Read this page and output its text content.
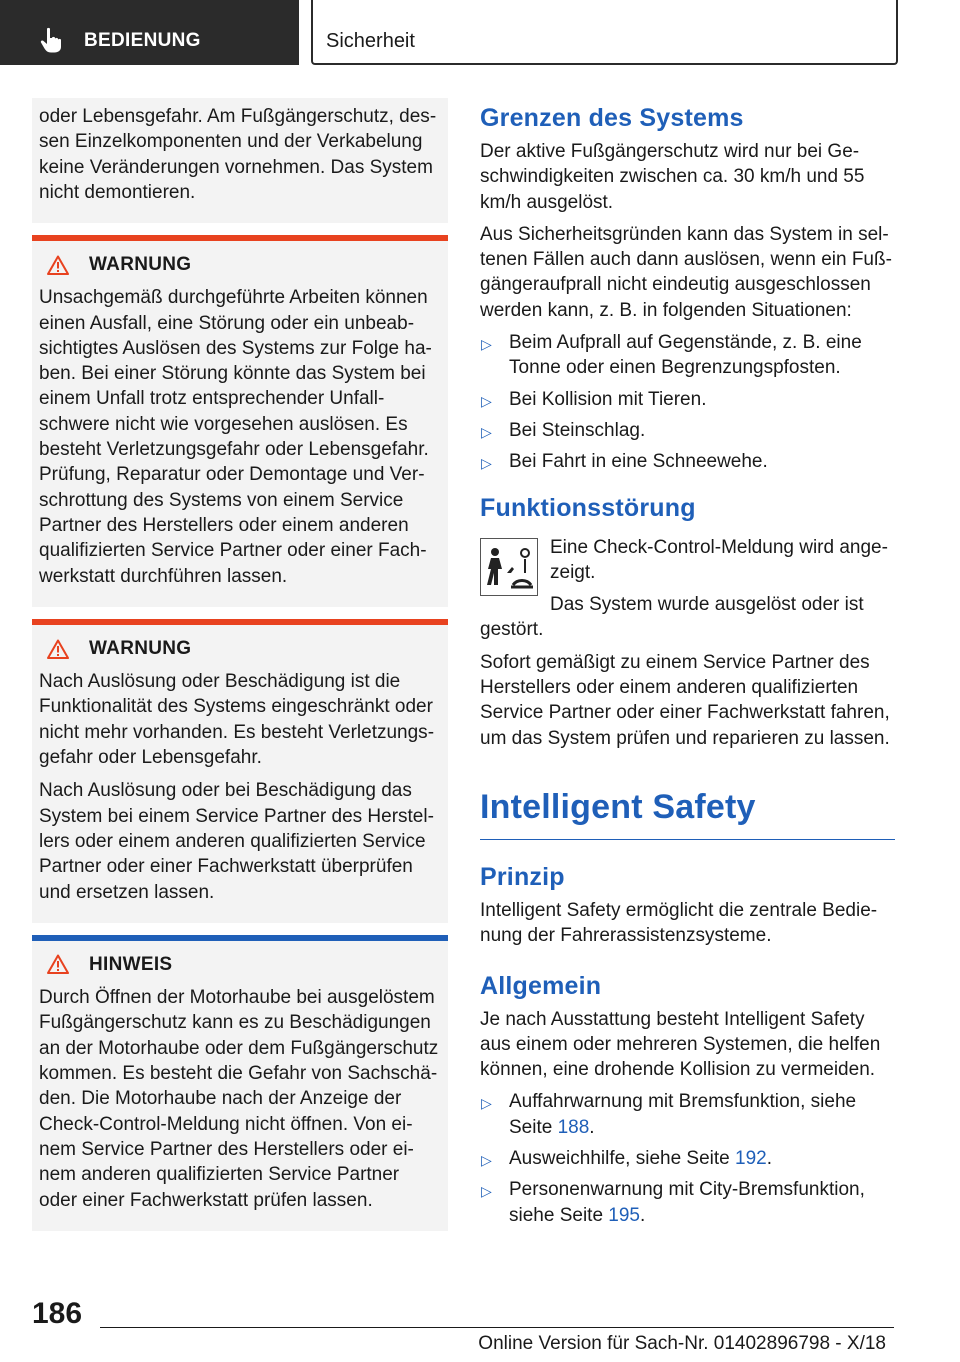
BEDIENUNG	Sicherheit

oder Lebensgefahr. Am Fußgängerschutz, dessen Einzelkomponenten und der Verkabelung keine Veränderungen vornehmen. Das System nicht demontieren.

WARNUNG

Unsachgemäß durchgeführte Arbeiten können einen Ausfall, eine Störung oder ein unbeabsichtigtes Auslösen des Systems zur Folge haben. Bei einer Störung könnte das System bei einem Unfall trotz entsprechender Unfallschwere nicht wie vorgesehen auslösen. Es besteht Verletzungsgefahr oder Lebensgefahr. Prüfung, Reparatur oder Demontage und Verschrottung des Systems von einem Service Partner des Herstellers oder einem anderen qualifizierten Service Partner oder einer Fachwerkstatt durchführen lassen.

WARNUNG

Nach Auslösung oder Beschädigung ist die Funktionalität des Systems eingeschränkt oder nicht mehr vorhanden. Es besteht Verletzungsgefahr oder Lebensgefahr.

Nach Auslösung oder bei Beschädigung das System bei einem Service Partner des Herstellers oder einem anderen qualifizierten Service Partner oder einer Fachwerkstatt überprüfen und ersetzen lassen.

HINWEIS

Durch Öffnen der Motorhaube bei ausgelöstem Fußgängerschutz kann es zu Beschädigungen an der Motorhaube oder dem Fußgängerschutz kommen. Es besteht die Gefahr von Sachschäden. Die Motorhaube nach der Anzeige der Check-Control-Meldung nicht öffnen. Von einem Service Partner des Herstellers oder einem anderen qualifizierten Service Partner oder einer Fachwerkstatt prüfen lassen.

Grenzen des Systems

Der aktive Fußgängerschutz wird nur bei Geschwindigkeiten zwischen ca. 30 km/h und 55 km/h ausgelöst.

Aus Sicherheitsgründen kann das System in seltenen Fällen auch dann auslösen, wenn ein Fußgängeraufprall nicht eindeutig ausgeschlossen werden kann, z. B. in folgenden Situationen:

▷ Beim Aufprall auf Gegenstände, z. B. eine Tonne oder einen Begrenzungspfosten.
▷ Bei Kollision mit Tieren.
▷ Bei Steinschlag.
▷ Bei Fahrt in eine Schneewehe.
Funktionsstörung

Eine Check-Control-Meldung wird angezeigt.

Das System wurde ausgelöst oder ist gestört.

Sofort gemäßigt zu einem Service Partner des Herstellers oder einem anderen qualifizierten Service Partner oder einer Fachwerkstatt fahren, um das System prüfen und reparieren zu lassen.

Intelligent Safety
Prinzip

Intelligent Safety ermöglicht die zentrale Bedienung der Fahrerassistenzsysteme.

Allgemein

Je nach Ausstattung besteht Intelligent Safety aus einem oder mehreren Systemen, die helfen können, eine drohende Kollision zu vermeiden.

▷ Auffahrwarnung mit Bremsfunktion, siehe Seite 188.
▷ Ausweichhilfe, siehe Seite 192.
▷ Personenwarnung mit City-Bremsfunktion, siehe Seite 195.
186
Online Version für Sach-Nr. 01402896798 - X/18
